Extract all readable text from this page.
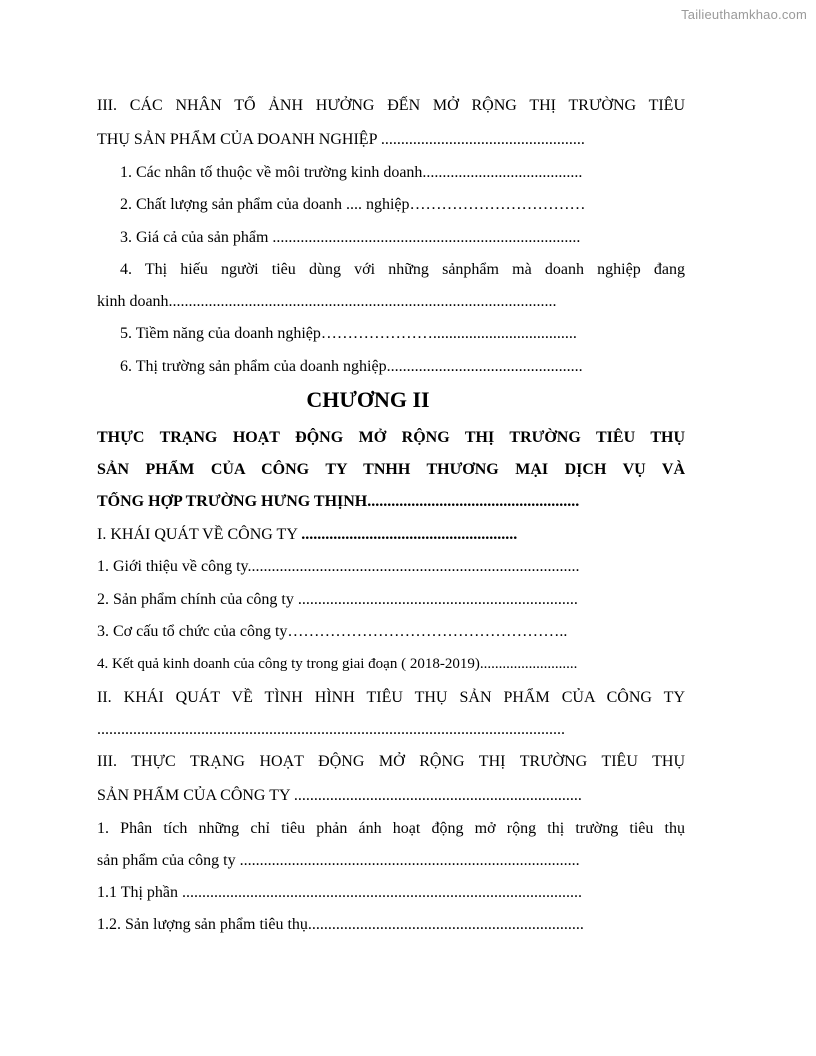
Tailieuthamkhao.com
III. CÁC NHÂN TỐ ẢNH HƯỞNG ĐẾN MỞ RỘNG THỊ TRƯỜNG TIÊU
THỤ SẢN PHẨM CỦA DOANH NGHIỆP ...................................................
1. Các nhân tố thuộc về môi trường kinh doanh........................................
2. Chất lượng sản phẩm của doanh .... nghiệp……………………………
3. Giá cả của sản phẩm .............................................................................
4. Thị hiếu người tiêu dùng với những sảnphẩm mà doanh nghiệp đang
kinh doanh.................................................................................................
5. Tiềm năng của doanh nghiệp…………………....................................
6. Thị trường sản phẩm của doanh nghiệp.................................................
CHƯƠNG II
THỰC TRẠNG HOẠT ĐỘNG MỞ RỘNG THỊ TRƯỜNG TIÊU THỤ
SẢN PHẨM CỦA CÔNG TY TNHH THƯƠNG MẠI DỊCH VỤ VÀ
TỔNG HỢP TRƯỜNG HƯNG THỊNH.....................................................
I. KHÁI QUÁT VỀ CÔNG TY ......................................................
1. Giới thiệu về công ty...................................................................................
2. Sản phẩm chính của công ty ......................................................................
3. Cơ cấu tổ chức của công ty……………………………………………..
4. Kết quả kinh doanh của công ty trong giai đoạn ( 2018-2019)..........................
II. KHÁI QUÁT VỀ TÌNH HÌNH TIÊU THỤ SẢN PHẨM CỦA CÔNG TY
.....................................................................................................................
III. THỰC TRẠNG HOẠT ĐỘNG MỞ RỘNG THỊ TRƯỜNG TIÊU THỤ
SẢN PHẨM CỦA CÔNG TY ........................................................................
1. Phân tích những chỉ tiêu phản ánh hoạt động mở rộng thị trường tiêu thụ
sản phẩm của công ty .....................................................................................
1.1 Thị phần ....................................................................................................
1.2. Sản lượng sản phẩm tiêu thụ.....................................................................
